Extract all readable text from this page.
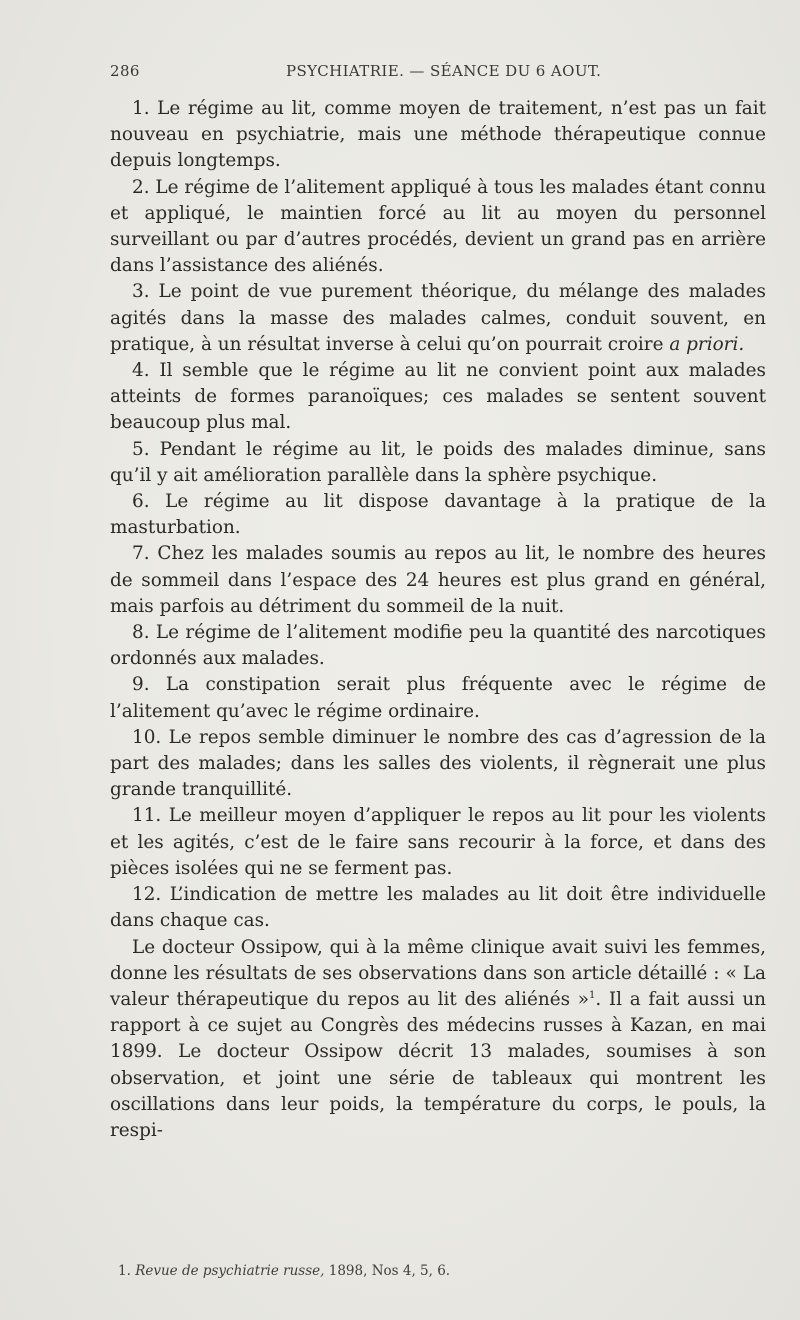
286	PSYCHIATRIE. — SÉANCE DU 6 AOUT.

1. Le régime au lit, comme moyen de traitement, n’est pas un fait nouveau en psychiatrie, mais une méthode thérapeutique connue depuis longtemps.

2. Le régime de l’alitement appliqué à tous les malades étant connu et appliqué, le maintien forcé au lit au moyen du personnel surveillant ou par d’autres procédés, devient un grand pas en arrière dans l’assistance des aliénés.

3. Le point de vue purement théorique, du mélange des malades agités dans la masse des malades calmes, conduit souvent, en pratique, à un résultat inverse à celui qu’on pourrait croire a priori.

4. Il semble que le régime au lit ne convient point aux malades atteints de formes paranoïques; ces malades se sentent souvent beaucoup plus mal.

5. Pendant le régime au lit, le poids des malades diminue, sans qu’il y ait amélioration parallèle dans la sphère psychique.

6. Le régime au lit dispose davantage à la pratique de la masturbation.

7. Chez les malades soumis au repos au lit, le nombre des heures de sommeil dans l’espace des 24 heures est plus grand en général, mais parfois au détriment du sommeil de la nuit.

8. Le régime de l’alitement modifie peu la quantité des narcotiques ordonnés aux malades.

9. La constipation serait plus fréquente avec le régime de l’alitement qu’avec le régime ordinaire.

10. Le repos semble diminuer le nombre des cas d’agression de la part des malades; dans les salles des violents, il règnerait une plus grande tranquillité.

11. Le meilleur moyen d’appliquer le repos au lit pour les violents et les agités, c’est de le faire sans recourir à la force, et dans des pièces isolées qui ne se ferment pas.

12. L’indication de mettre les malades au lit doit être individuelle dans chaque cas.

Le docteur Ossipow, qui à la même clinique avait suivi les femmes, donne les résultats de ses observations dans son article détaillé : « La valeur thérapeutique du repos au lit des aliénés »$^1$. Il a fait aussi un rapport à ce sujet au Congrès des médecins russes à Kazan, en mai 1899. Le docteur Ossipow décrit 13 malades, soumises à son observation, et joint une série de tableaux qui montrent les oscillations dans leur poids, la température du corps, le pouls, la respi-

1. Revue de psychiatrie russe, 1898, Nos 4, 5, 6.
